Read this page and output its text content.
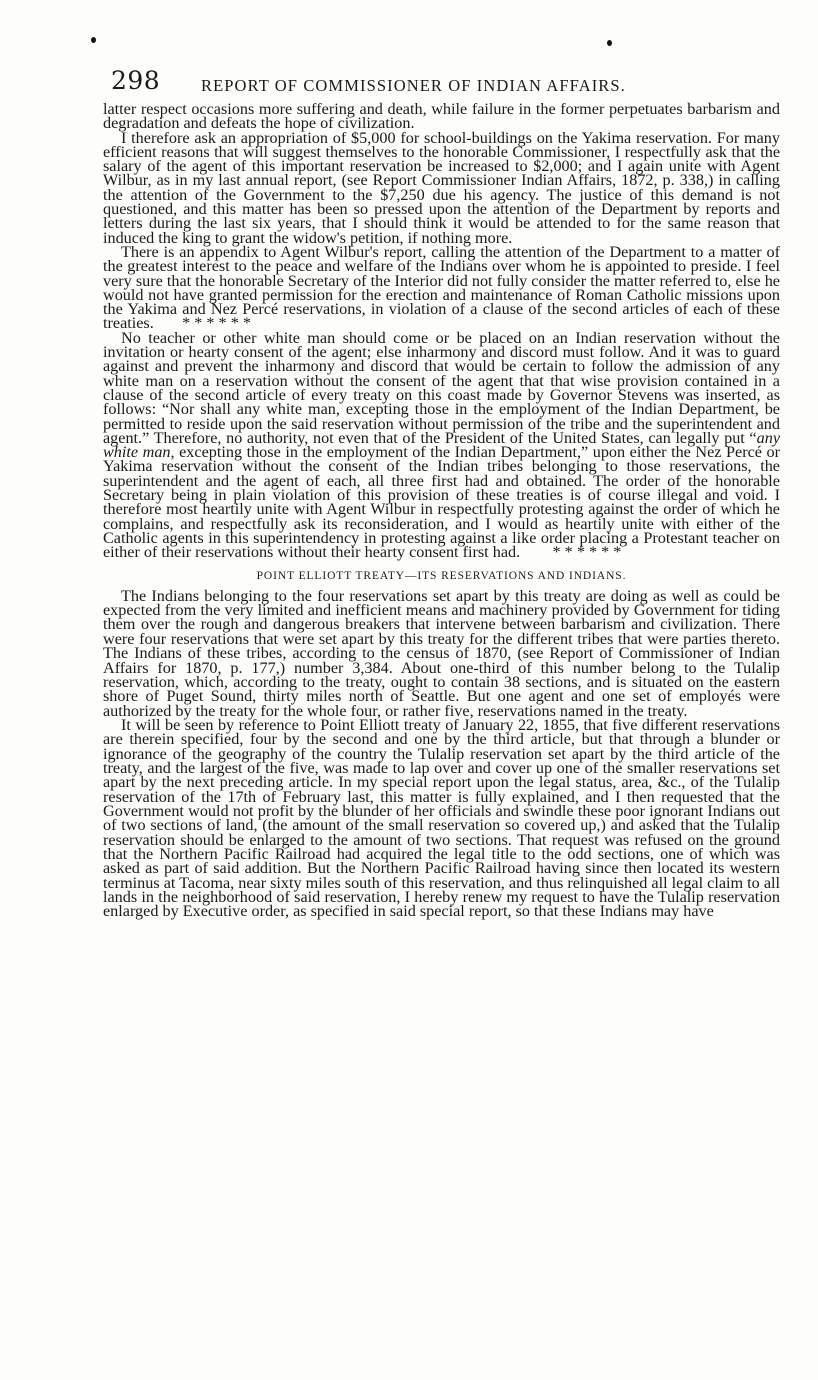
298 REPORT OF COMMISSIONER OF INDIAN AFFAIRS.

latter respect occasions more suffering and death, while failure in the former perpetuates barbarism and degradation and defeats the hope of civilization.

I therefore ask an appropriation of $5,000 for school-buildings on the Yakima reservation. For many efficient reasons that will suggest themselves to the honorable Commissioner, I respectfully ask that the salary of the agent of this important reservation be increased to $2,000; and I again unite with Agent Wilbur, as in my last annual report, (see Report Commissioner Indian Affairs, 1872, p. 338,) in calling the attention of the Government to the $7,250 due his agency. The justice of this demand is not questioned, and this matter has been so pressed upon the attention of the Department by reports and letters during the last six years, that I should think it would be attended to for the same reason that induced the king to grant the widow's petition, if nothing more.

There is an appendix to Agent Wilbur's report, calling the attention of the Department to a matter of the greatest interest to the peace and welfare of the Indians over whom he is appointed to preside. I feel very sure that the honorable Secretary of the Interior did not fully consider the matter referred to, else he would not have granted permission for the erection and maintenance of Roman Catholic missions upon the Yakima and Nez Percé reservations, in violation of a clause of the second articles of each of these treaties. * * * * * *

No teacher or other white man should come or be placed on an Indian reservation without the invitation or hearty consent of the agent; else inharmony and discord must follow. And it was to guard against and prevent the inharmony and discord that would be certain to follow the admission of any white man on a reservation without the consent of the agent that that wise provision contained in a clause of the second article of every treaty on this coast made by Governor Stevens was inserted, as follows: “Nor shall any white man, excepting those in the employment of the Indian Department, be permitted to reside upon the said reservation without permission of the tribe and the superintendent and agent.” Therefore, no authority, not even that of the President of the United States, can legally put “any white man, excepting those in the employment of the Indian Department,” upon either the Nez Percé or Yakima reservation without the consent of the Indian tribes belonging to those reservations, the superintendent and the agent of each, all three first had and obtained. The order of the honorable Secretary being in plain violation of this provision of these treaties is of course illegal and void. I therefore most heartily unite with Agent Wilbur in respectfully protesting against the order of which he complains, and respectfully ask its reconsideration, and I would as heartily unite with either of the Catholic agents in this superintendency in protesting against a like order placing a Protestant teacher on either of their reservations without their hearty consent first had. * * * * * *

POINT ELLIOTT TREATY—ITS RESERVATIONS AND INDIANS.

The Indians belonging to the four reservations set apart by this treaty are doing as well as could be expected from the very limited and inefficient means and machinery provided by Government for tiding them over the rough and dangerous breakers that intervene between barbarism and civilization. There were four reservations that were set apart by this treaty for the different tribes that were parties thereto. The Indians of these tribes, according to the census of 1870, (see Report of Commissioner of Indian Affairs for 1870, p. 177,) number 3,384. About one-third of this number belong to the Tulalip reservation, which, according to the treaty, ought to contain 38 sections, and is situated on the eastern shore of Puget Sound, thirty miles north of Seattle. But one agent and one set of employés were authorized by the treaty for the whole four, or rather five, reservations named in the treaty.

It will be seen by reference to Point Elliott treaty of January 22, 1855, that five different reservations are therein specified, four by the second and one by the third article, but that through a blunder or ignorance of the geography of the country the Tulalip reservation set apart by the third article of the treaty, and the largest of the five, was made to lap over and cover up one of the smaller reservations set apart by the next preceding article. In my special report upon the legal status, area, &c., of the Tulalip reservation of the 17th of February last, this matter is fully explained, and I then requested that the Government would not profit by the blunder of her officials and swindle these poor ignorant Indians out of two sections of land, (the amount of the small reservation so covered up,) and asked that the Tulalip reservation should be enlarged to the amount of two sections. That request was refused on the ground that the Northern Pacific Railroad had acquired the legal title to the odd sections, one of which was asked as part of said addition. But the Northern Pacific Railroad having since then located its western terminus at Tacoma, near sixty miles south of this reservation, and thus relinquished all legal claim to all lands in the neighborhood of said reservation, I hereby renew my request to have the Tulalip reservation enlarged by Executive order, as specified in said special report, so that these Indians may have
